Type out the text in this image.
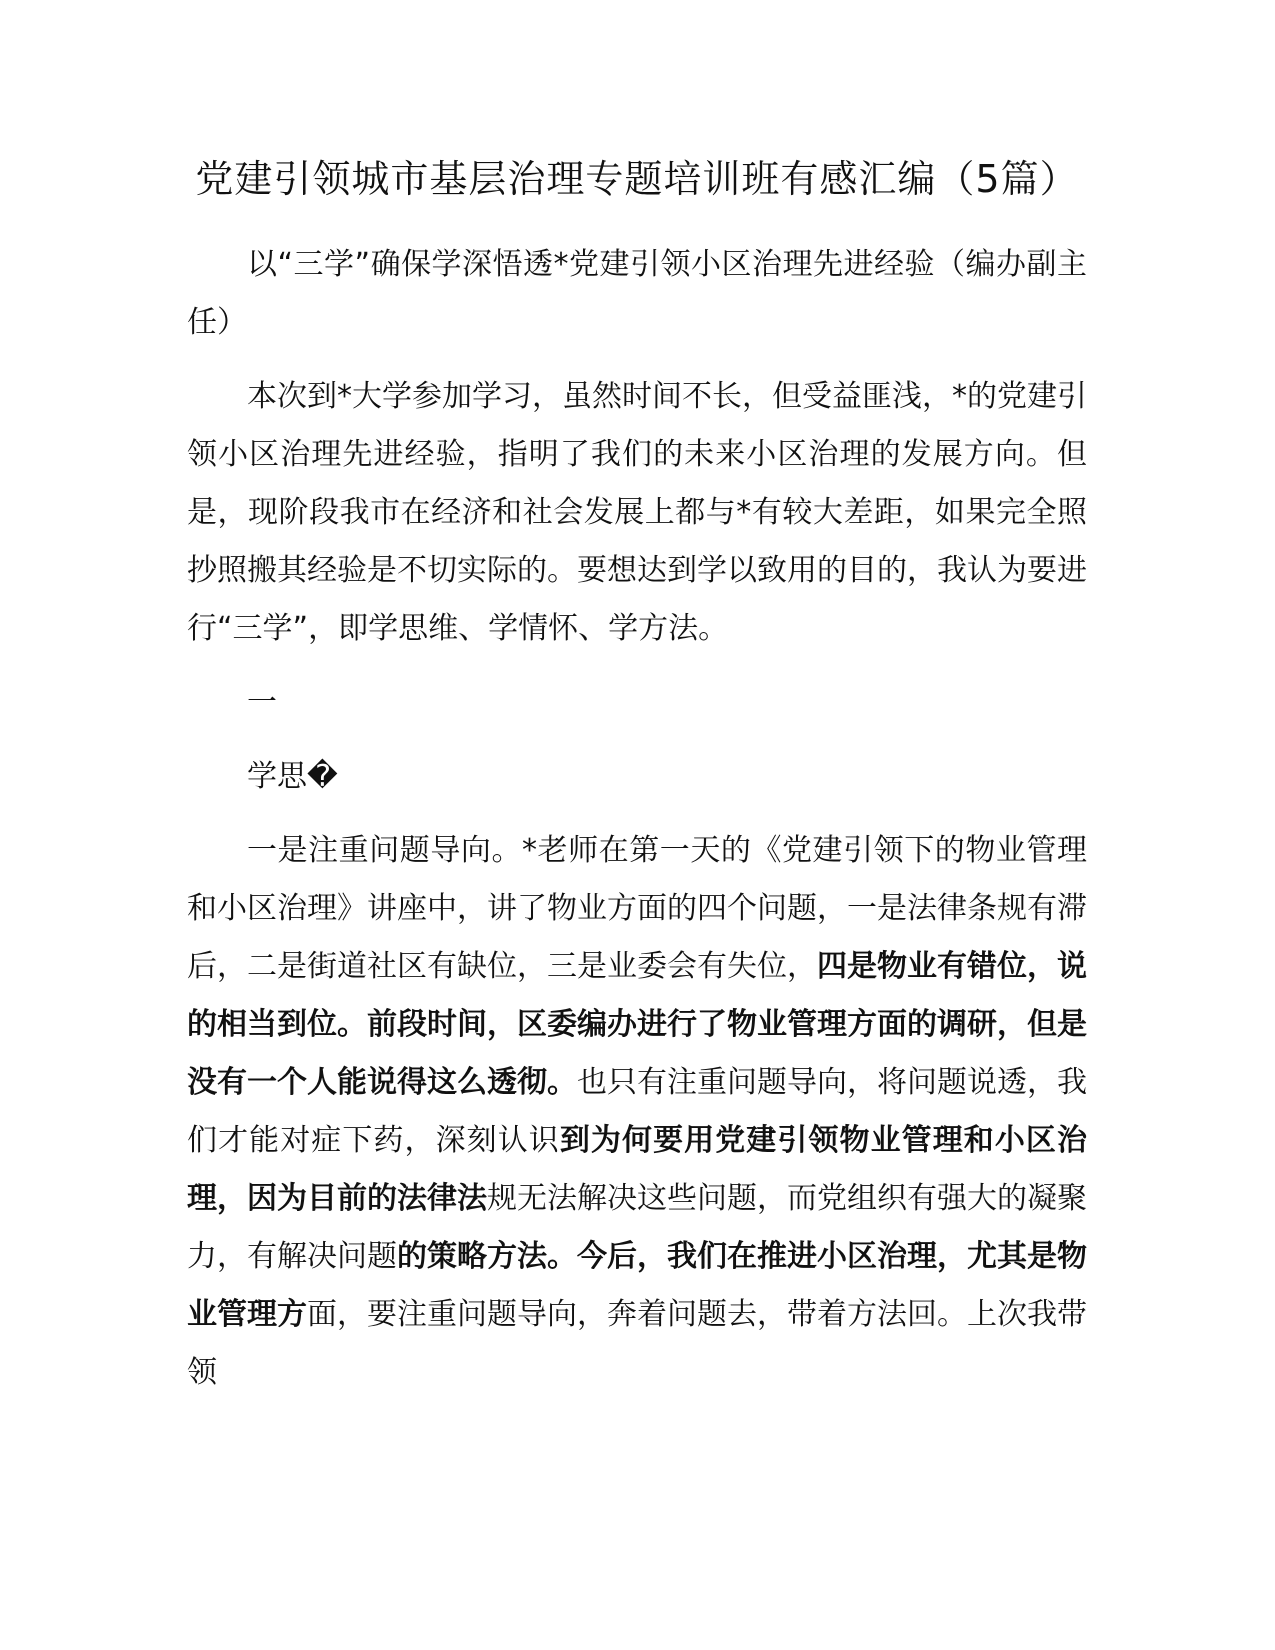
党建引领城市基层治理专题培训班有感汇编（5篇）

以“三学”确保学深悟透*党建引领小区治理先进经验（编办副主任）

本次到*大学参加学习，虽然时间不长，但受益匪浅，*的党建引领小区治理先进经验，指明了我们的未来小区治理的发展方向。但是，现阶段我市在经济和社会发展上都与*有较大差距，如果完全照抄照搬其经验是不切实际的。要想达到学以致用的目的，我认为要进行“三学”，即学思维、学情怀、学方法。

一

学思�

一是注重问题导向。*老师在第一天的《党建引领下的物业管理和小区治理》讲座中，讲了物业方面的四个问题，一是法律条规有滞后，二是街道社区有缺位，三是业委会有失位，四是物业有错位，说的相当到位。前段时间，区委编办进行了物业管理方面的调研，但是没有一个人能说得这么透彻。也只有注重问题导向，将问题说透，我们才能对症下药，深刻认识到为何要用党建引领物业管理和小区治理，因为目前的法律法规无法解决这些问题，而党组织有强大的凝聚力，有解决问题的策略方法。今后，我们在推进小区治理，尤其是物业管理方面，要注重问题导向，奔着问题去，带着方法回。上次我带领
